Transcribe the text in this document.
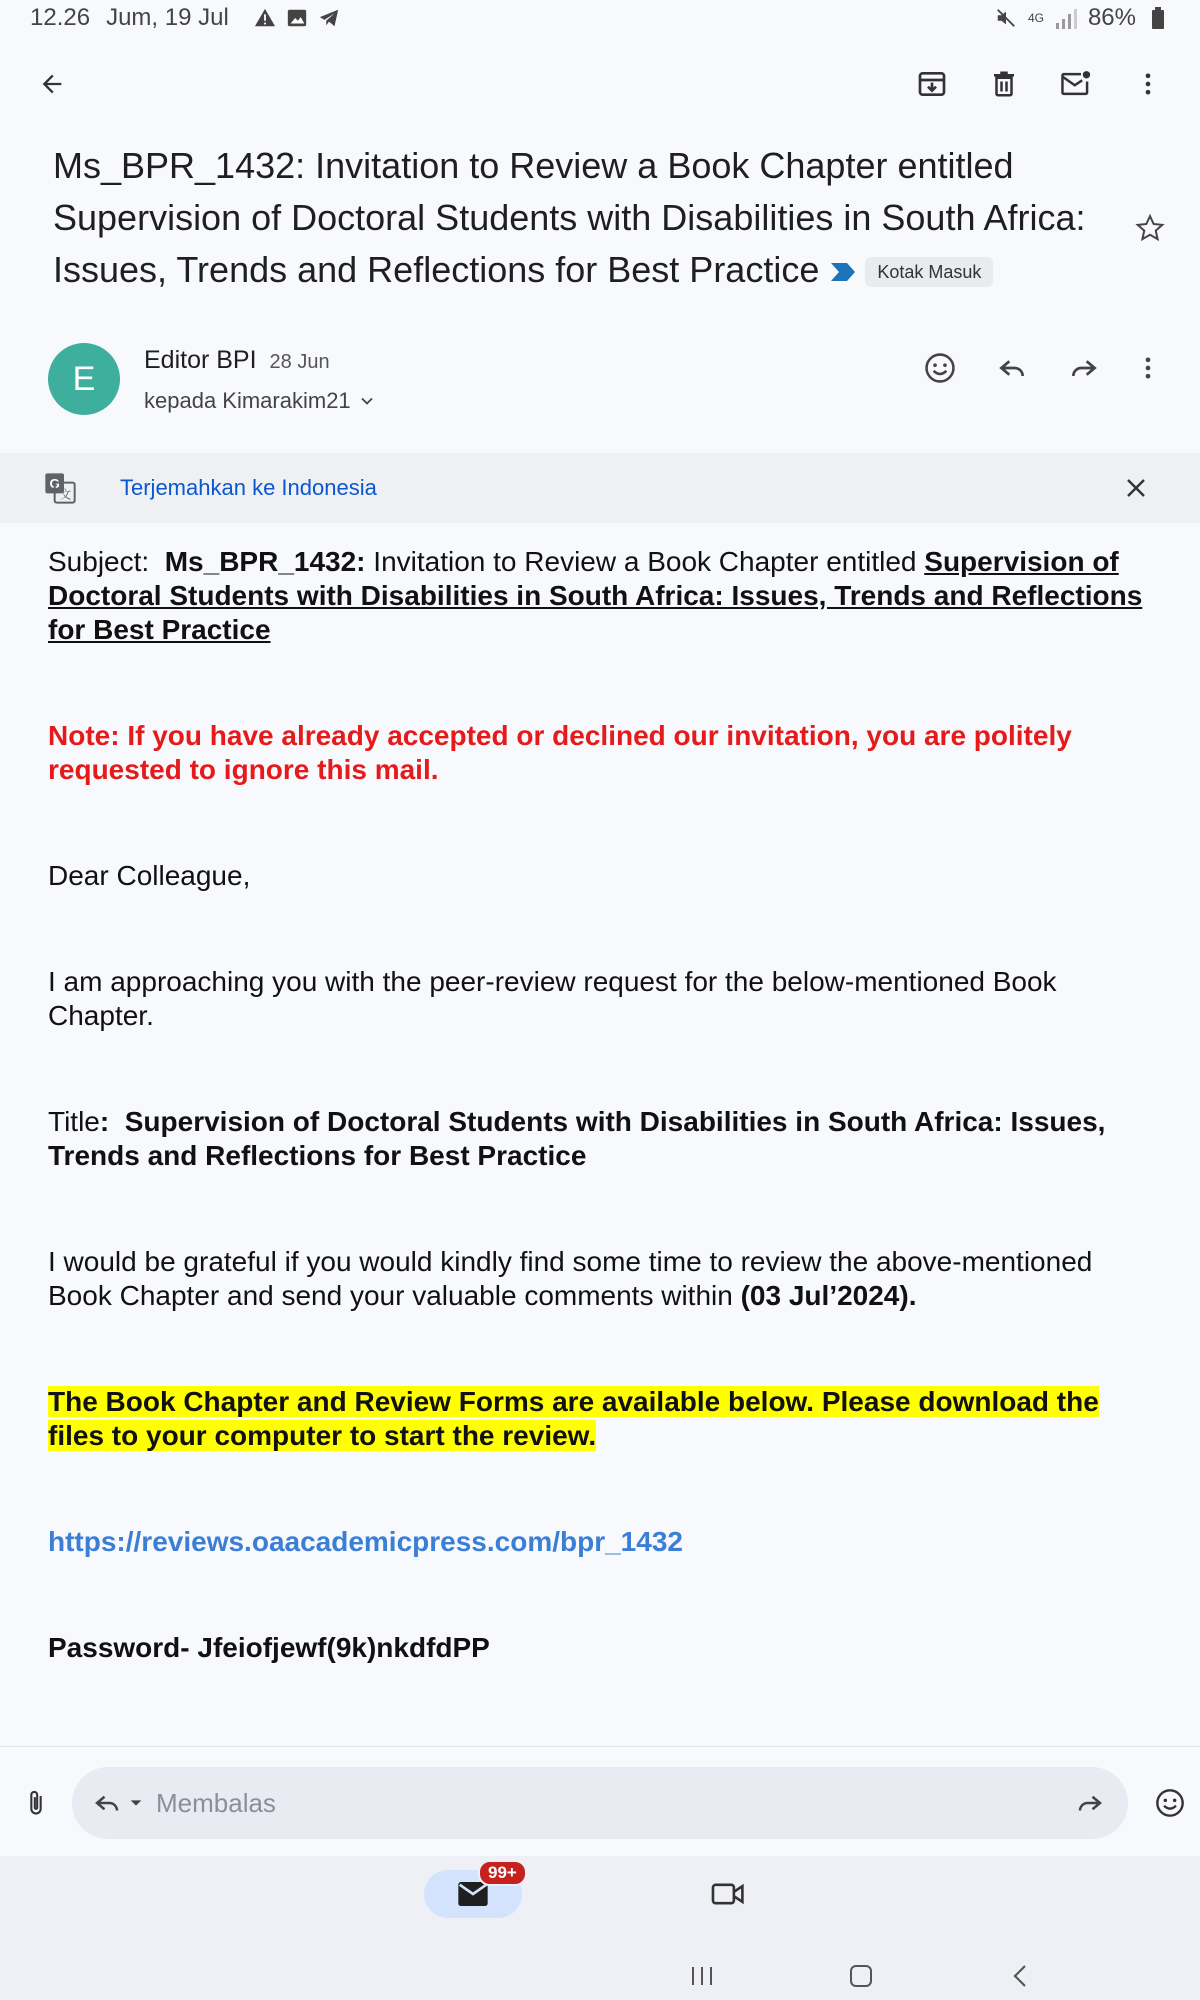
12.26 Jum, 19 Jul	4G 86%
Ms_BPR_1432: Invitation to Review a Book Chapter entitled Supervision of Doctoral Students with Disabilities in South Africa: Issues, Trends and Reflections for Best Practice	Kotak Masuk
E	Editor BPI 28 Jun
kepada Kimarakim21
G
文 Terjemahkan ke Indonesia

Subject: Ms_BPR_1432: Invitation to Review a Book Chapter entitled Supervision of Doctoral Students with Disabilities in South Africa: Issues, Trends and Reflections for Best Practice

Note: If you have already accepted or declined our invitation, you are politely requested to ignore this mail.

Dear Colleague,

I am approaching you with the peer-review request for the below-mentioned Book Chapter.

Title: Supervision of Doctoral Students with Disabilities in South Africa: Issues, Trends and Reflections for Best Practice

I would be grateful if you would kindly find some time to review the above-mentioned Book Chapter and send your valuable comments within (03 Jul’2024).

The Book Chapter and Review Forms are available below. Please download the files to your computer to start the review.

https://reviews.oaacademicpress.com/bpr_1432

Password- Jfeiofjewf(9k)nkdfdPP

Membalas
99+
